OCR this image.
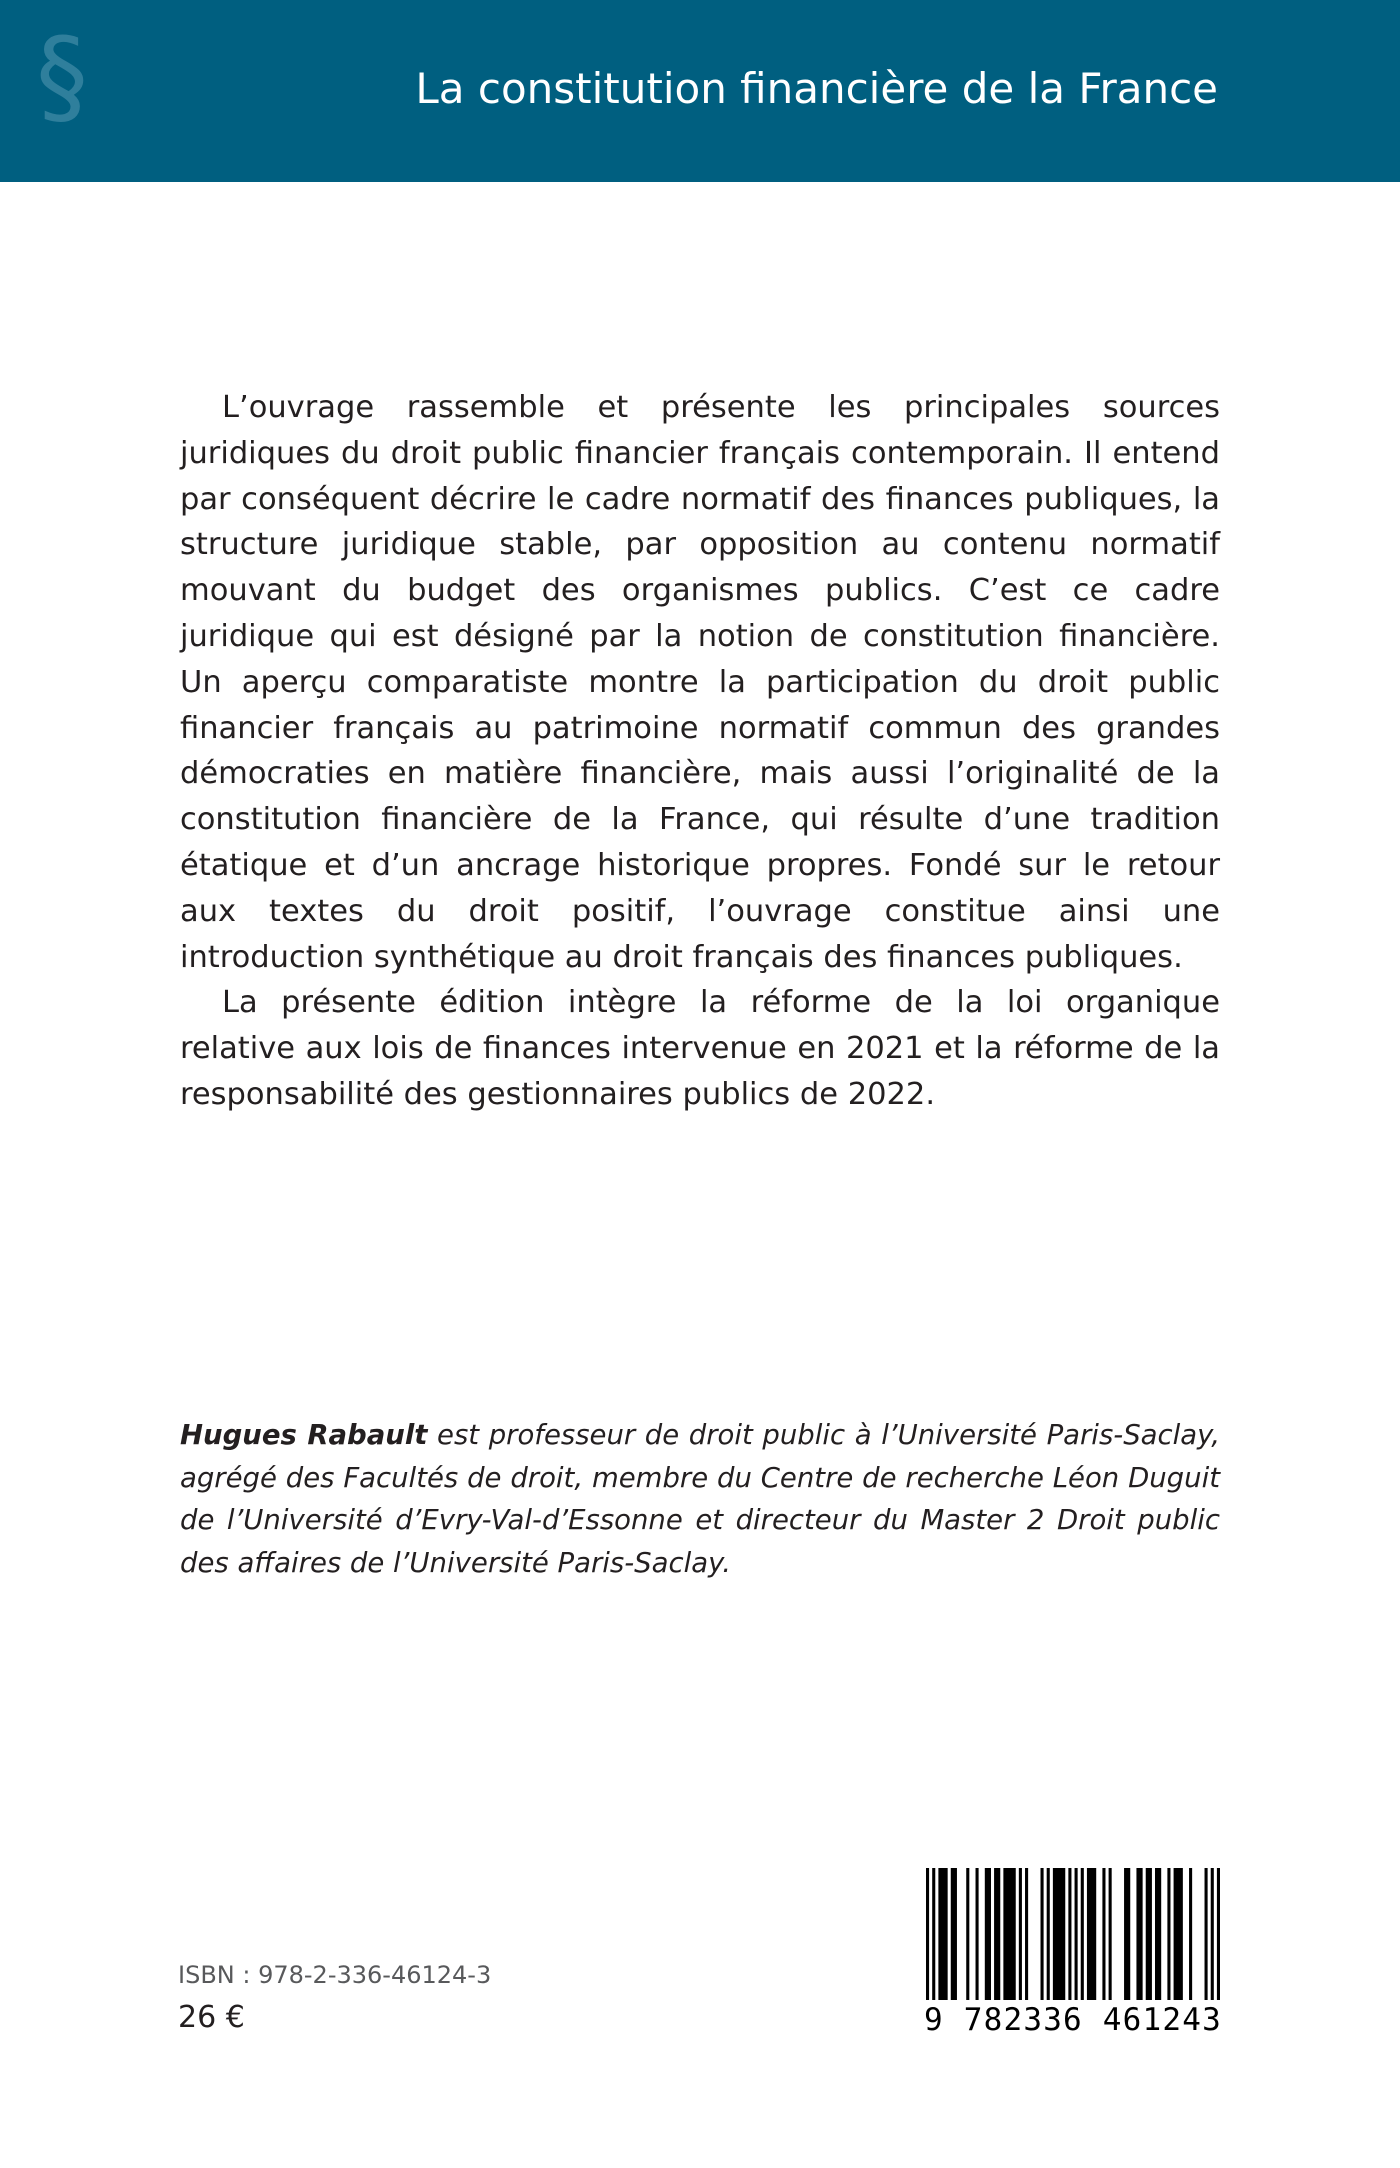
§	La constitution financière de la France

L’ouvrage rassemble et présente les principales sources juridiques du droit public financier français contemporain. Il entend par conséquent décrire le cadre normatif des finances publiques, la structure juridique stable, par opposition au contenu normatif mouvant du budget des organismes publics. C’est ce cadre juridique qui est désigné par la notion de constitution financière. Un aperçu comparatiste montre la participation du droit public financier français au patrimoine normatif commun des grandes démocraties en matière financière, mais aussi l’originalité de la constitution financière de la France, qui résulte d’une tradition étatique et d’un ancrage historique propres. Fondé sur le retour aux textes du droit positif, l’ouvrage constitue ainsi une introduction synthétique au droit français des finances publiques.

La présente édition intègre la réforme de la loi organique relative aux lois de finances intervenue en 2021 et la réforme de la responsabilité des gestionnaires publics de 2022.

Hugues Rabault est professeur de droit public à l’Université Paris-Saclay, agrégé des Facultés de droit, membre du Centre de recherche Léon Duguit de l’Université d’Evry-Val-d’Essonne et directeur du Master 2 Droit public des affaires de l’Université Paris-Saclay.

ISBN : 978-2-336-46124-3
26 €	9 782336 461243
